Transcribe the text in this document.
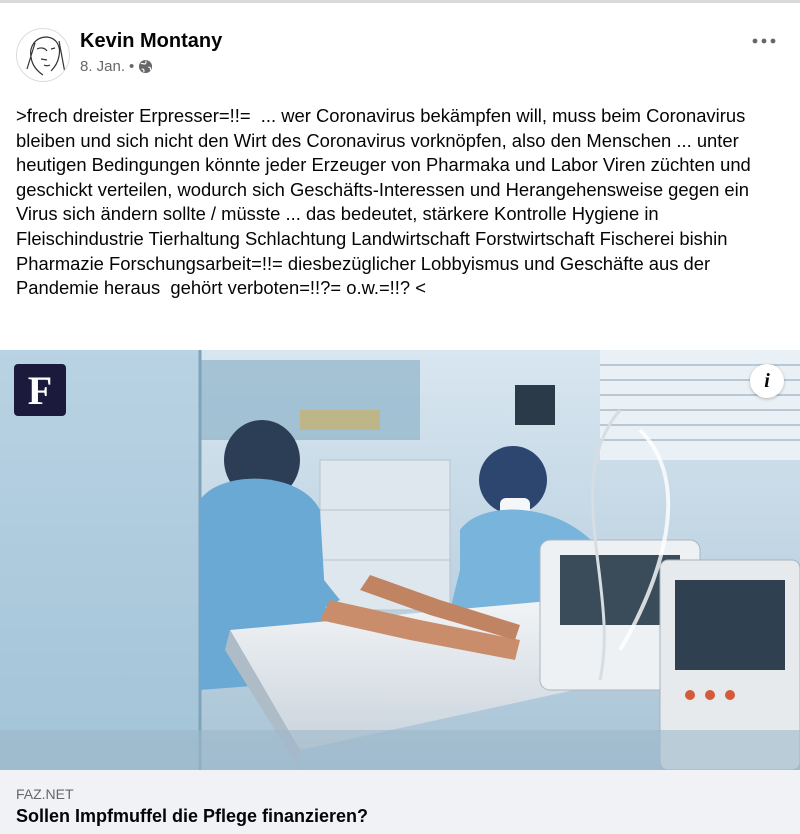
Kevin Montany
8. Jan. •
>frech dreister Erpresser=!!=  ... wer Coronavirus bekämpfen will, muss beim Coronavirus bleiben und sich nicht den Wirt des Coronavirus vorknöpfen, also den Menschen ... unter heutigen Bedingungen könnte jeder Erzeuger von Pharmaka und Labor Viren züchten und geschickt verteilen, wodurch sich Geschäfts-Interessen und Herangehensweise gegen ein Virus sich ändern sollte / müsste ... das bedeutet, stärkere Kontrolle Hygiene in Fleischindustrie Tierhaltung Schlachtung Landwirtschaft Forstwirtschaft Fischerei bishin Pharmazie Forschungsarbeit=!!= diesbezüglicher Lobbyismus und Geschäfte aus der Pandemie heraus  gehört verboten=!!?= o.w.=!!? <
F	i
FAZ.NET
Sollen Impfmuffel die Pflege finanzieren?
